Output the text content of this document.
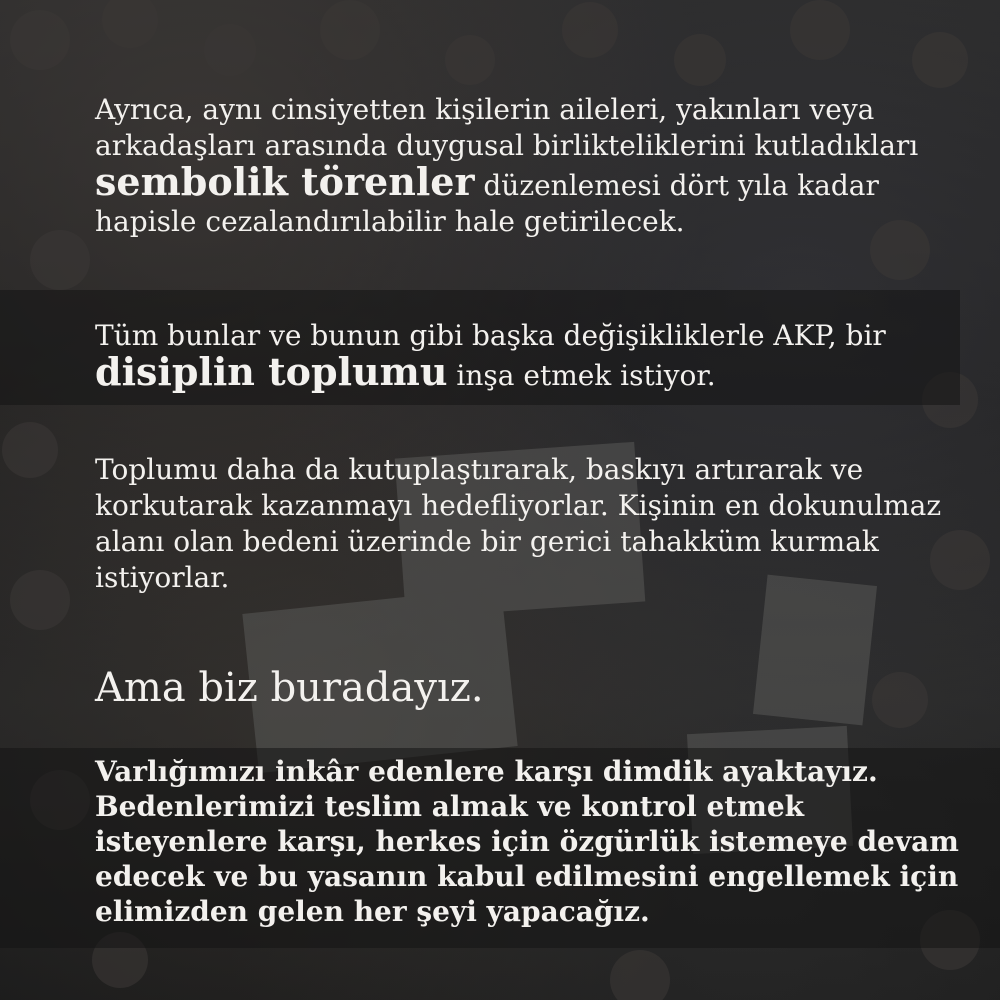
Ayrıca, aynı cinsiyetten kişilerin aileleri, yakınları veya arkadaşları arasında duygusal birlikteliklerini kutladıkları sembolik törenler düzenlemesi dört yıla kadar hapisle cezalandırılabilir hale getirilecek.
Tüm bunlar ve bunun gibi başka değişikliklerle AKP, bir disiplin toplumu inşa etmek istiyor.
Toplumu daha da kutuplaştırarak, baskıyı artırarak ve korkutarak kazanmayı hedefliyorlar. Kişinin en dokunulmaz alanı olan bedeni üzerinde bir gerici tahakküm kurmak istiyorlar.
Ama biz buradayız.
Varlığımızı inkâr edenlere karşı dimdik ayaktayız. Bedenlerimizi teslim almak ve kontrol etmek isteyenlere karşı, herkes için özgürlük istemeye devam edecek ve bu yasanın kabul edilmesini engellemek için elimizden gelen her şeyi yapacağız.
